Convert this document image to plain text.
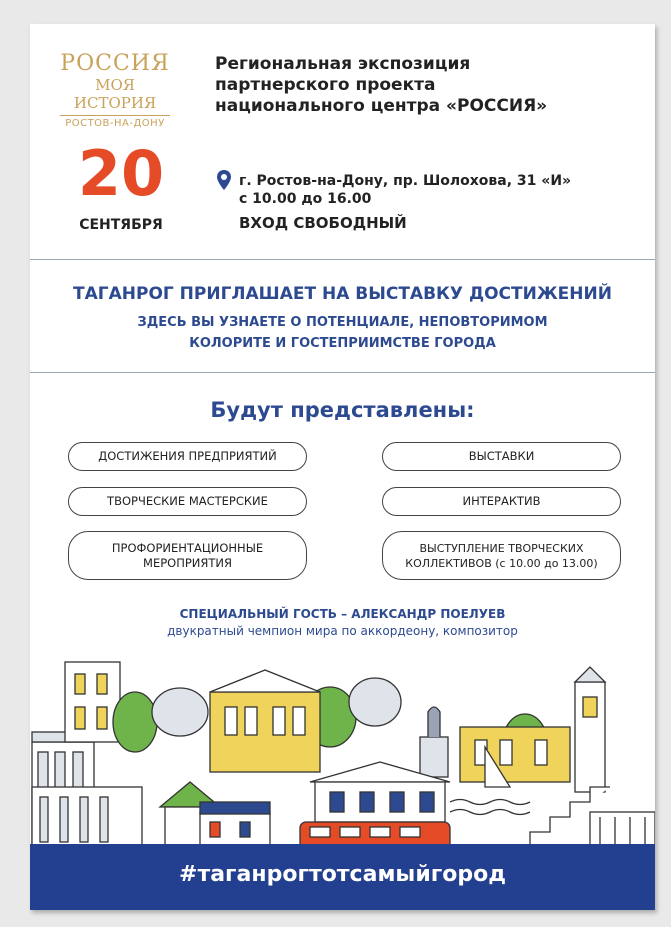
РОССИЯ
МОЯ ИСТОРИЯ
РОСТОВ-НА-ДОНУ
Региональная экспозиция
партнерского проекта
национального центра «РОССИЯ»
20
СЕНТЯБРЯ
г. Ростов-на-Дону, пр. Шолохова, 31 «И»
с 10.00 до 16.00
ВХОД СВОБОДНЫЙ
ТАГАНРОГ ПРИГЛАШАЕТ НА ВЫСТАВКУ ДОСТИЖЕНИЙ
ЗДЕСЬ ВЫ УЗНАЕТЕ О ПОТЕНЦИАЛЕ, НЕПОВТОРИМОМ
КОЛОРИТЕ И ГОСТЕПРИИМСТВЕ ГОРОДА
Будут представлены:
ДОСТИЖЕНИЯ ПРЕДПРИЯТИЙ	ВЫСТАВКИ
ТВОРЧЕСКИЕ МАСТЕРСКИЕ	ИНТЕРАКТИВ
ПРОФОРИЕНТАЦИОННЫЕ
МЕРОПРИЯТИЯ
ВЫСТУПЛЕНИЕ ТВОРЧЕСКИХ
КОЛЛЕКТИВОВ (с 10.00 до 13.00)
СПЕЦИАЛЬНЫЙ ГОСТЬ – АЛЕКСАНДР ПОЕЛУЕВ
двукратный чемпион мира по аккордеону, композитор
#таганрогтотсамыйгород
